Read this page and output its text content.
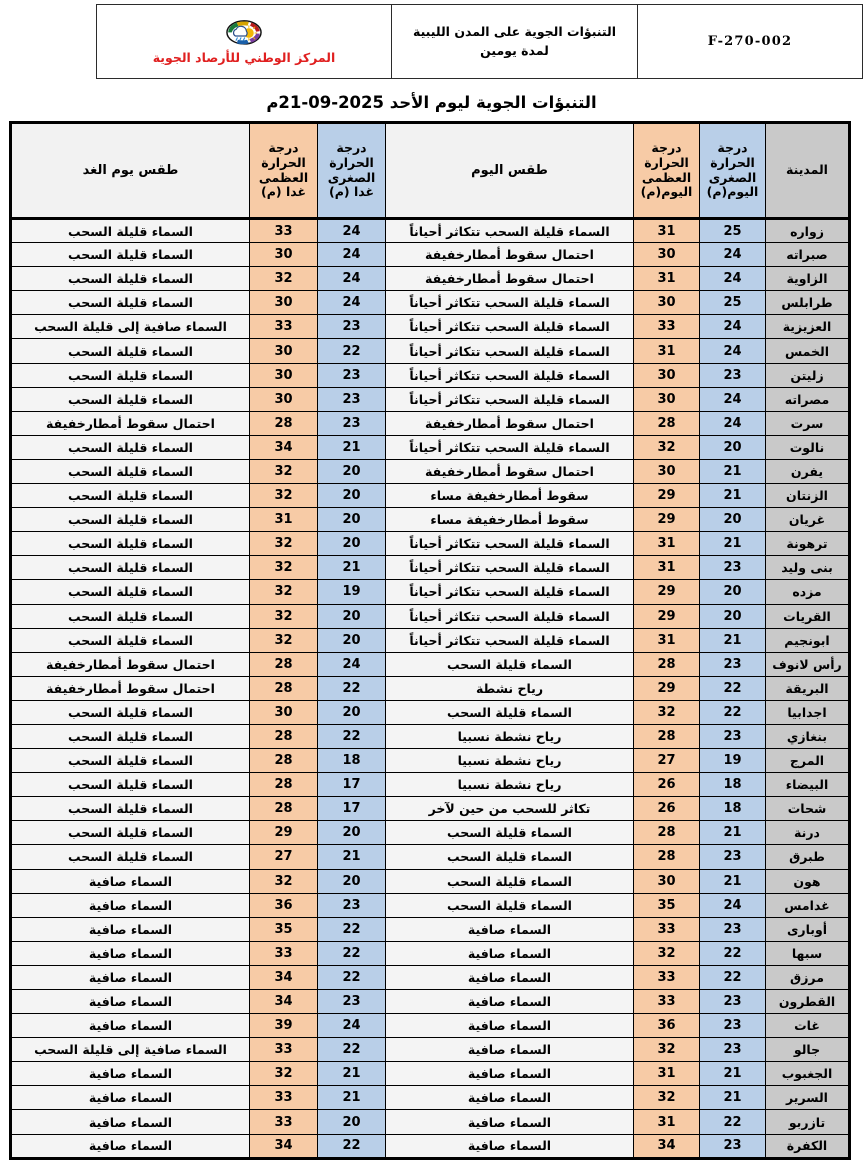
F-270-002

التنبؤات الجوية على المدن الليبية
لمدة يومين

المركز الوطني للأرصاد الجوية
التنبؤات الجوية ليوم الأحد 2025-09-21م
المدينة	
درجة
الحرارة
الصغرى
اليوم(م)

درجة
الحرارة
العظمى
اليوم(م)
	طقس اليوم	
درجة
الحرارة
الصغرى
غدا (م)

درجة
الحرارة
العظمى
غدا (م)
	طقس يوم الغد
زواره	25	31	السماء قليلة السحب تتكاثر أحياناً	24	33	السماء قليلة السحب
صبراته	24	30	احتمال سقوط أمطارخفيفة	24	30	السماء قليلة السحب
الزاوية	24	31	احتمال سقوط أمطارخفيفة	24	32	السماء قليلة السحب
طرابلس	25	30	السماء قليلة السحب تتكاثر أحياناً	24	30	السماء قليلة السحب
العزيزية	24	33	السماء قليلة السحب تتكاثر أحياناً	23	33	السماء صافية إلى قليلة السحب
الخمس	24	31	السماء قليلة السحب تتكاثر أحياناً	22	30	السماء قليلة السحب
زليتن	23	30	السماء قليلة السحب تتكاثر أحياناً	23	30	السماء قليلة السحب
مصراته	24	30	السماء قليلة السحب تتكاثر أحياناً	23	30	السماء قليلة السحب
سرت	24	28	احتمال سقوط أمطارخفيفة	23	28	احتمال سقوط أمطارخفيفة
نالوت	20	32	السماء قليلة السحب تتكاثر أحياناً	21	34	السماء قليلة السحب
يفرن	21	30	احتمال سقوط أمطارخفيفة	20	32	السماء قليلة السحب
الزنتان	21	29	سقوط أمطارخفيفة مساء	20	32	السماء قليلة السحب
غريان	20	29	سقوط أمطارخفيفة مساء	20	31	السماء قليلة السحب
ترهونة	21	31	السماء قليلة السحب تتكاثر أحياناً	20	32	السماء قليلة السحب
بنى وليد	23	31	السماء قليلة السحب تتكاثر أحياناً	21	32	السماء قليلة السحب
مزده	20	29	السماء قليلة السحب تتكاثر أحياناً	19	32	السماء قليلة السحب
القريات	20	29	السماء قليلة السحب تتكاثر أحياناً	20	32	السماء قليلة السحب
ابونجيم	21	31	السماء قليلة السحب تتكاثر أحياناً	20	32	السماء قليلة السحب
رأس لانوف	23	28	السماء قليلة السحب	24	28	احتمال سقوط أمطارخفيفة
البريقة	22	29	رياح نشطة	22	28	احتمال سقوط أمطارخفيفة
اجدابيا	22	32	السماء قليلة السحب	20	30	السماء قليلة السحب
بنغازي	23	28	رياح نشطة نسبيا	22	28	السماء قليلة السحب
المرج	19	27	رياح نشطة نسبيا	18	28	السماء قليلة السحب
البيضاء	18	26	رياح نشطة نسبيا	17	28	السماء قليلة السحب
شحات	18	26	تكاثر للسحب من حين لآخر	17	28	السماء قليلة السحب
درنة	21	28	السماء قليلة السحب	20	29	السماء قليلة السحب
طبرق	23	28	السماء قليلة السحب	21	27	السماء قليلة السحب
هون	21	30	السماء قليلة السحب	20	32	السماء صافية
غدامس	24	35	السماء قليلة السحب	23	36	السماء صافية
أوبارى	23	33	السماء صافية	22	35	السماء صافية
سبها	22	32	السماء صافية	22	33	السماء صافية
مرزق	22	33	السماء صافية	22	34	السماء صافية
القطرون	23	33	السماء صافية	23	34	السماء صافية
غات	23	36	السماء صافية	24	39	السماء صافية
جالو	23	32	السماء صافية	22	33	السماء صافية إلى قليلة السحب
الجغبوب	21	31	السماء صافية	21	32	السماء صافية
السرير	21	32	السماء صافية	21	33	السماء صافية
تازربو	22	31	السماء صافية	20	33	السماء صافية
الكفرة	23	34	السماء صافية	22	34	السماء صافية
